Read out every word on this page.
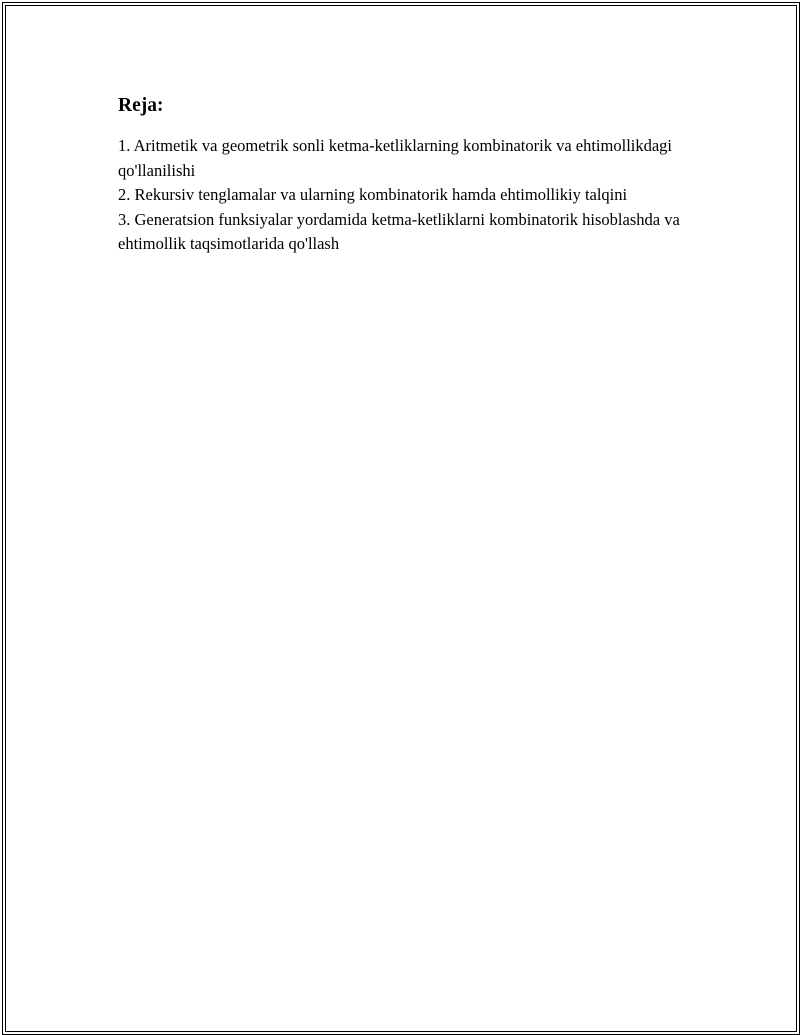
Reja:
1. Aritmetik va geometrik sonli ketma-ketliklarning kombinatorik va ehtimollikdagi qo'llanilishi
2. Rekursiv tenglamalar va ularning kombinatorik hamda ehtimollikiy talqini
3. Generatsion funksiyalar yordamida ketma-ketliklarni kombinatorik hisoblashda va ehtimollik taqsimotlarida qo'llash
